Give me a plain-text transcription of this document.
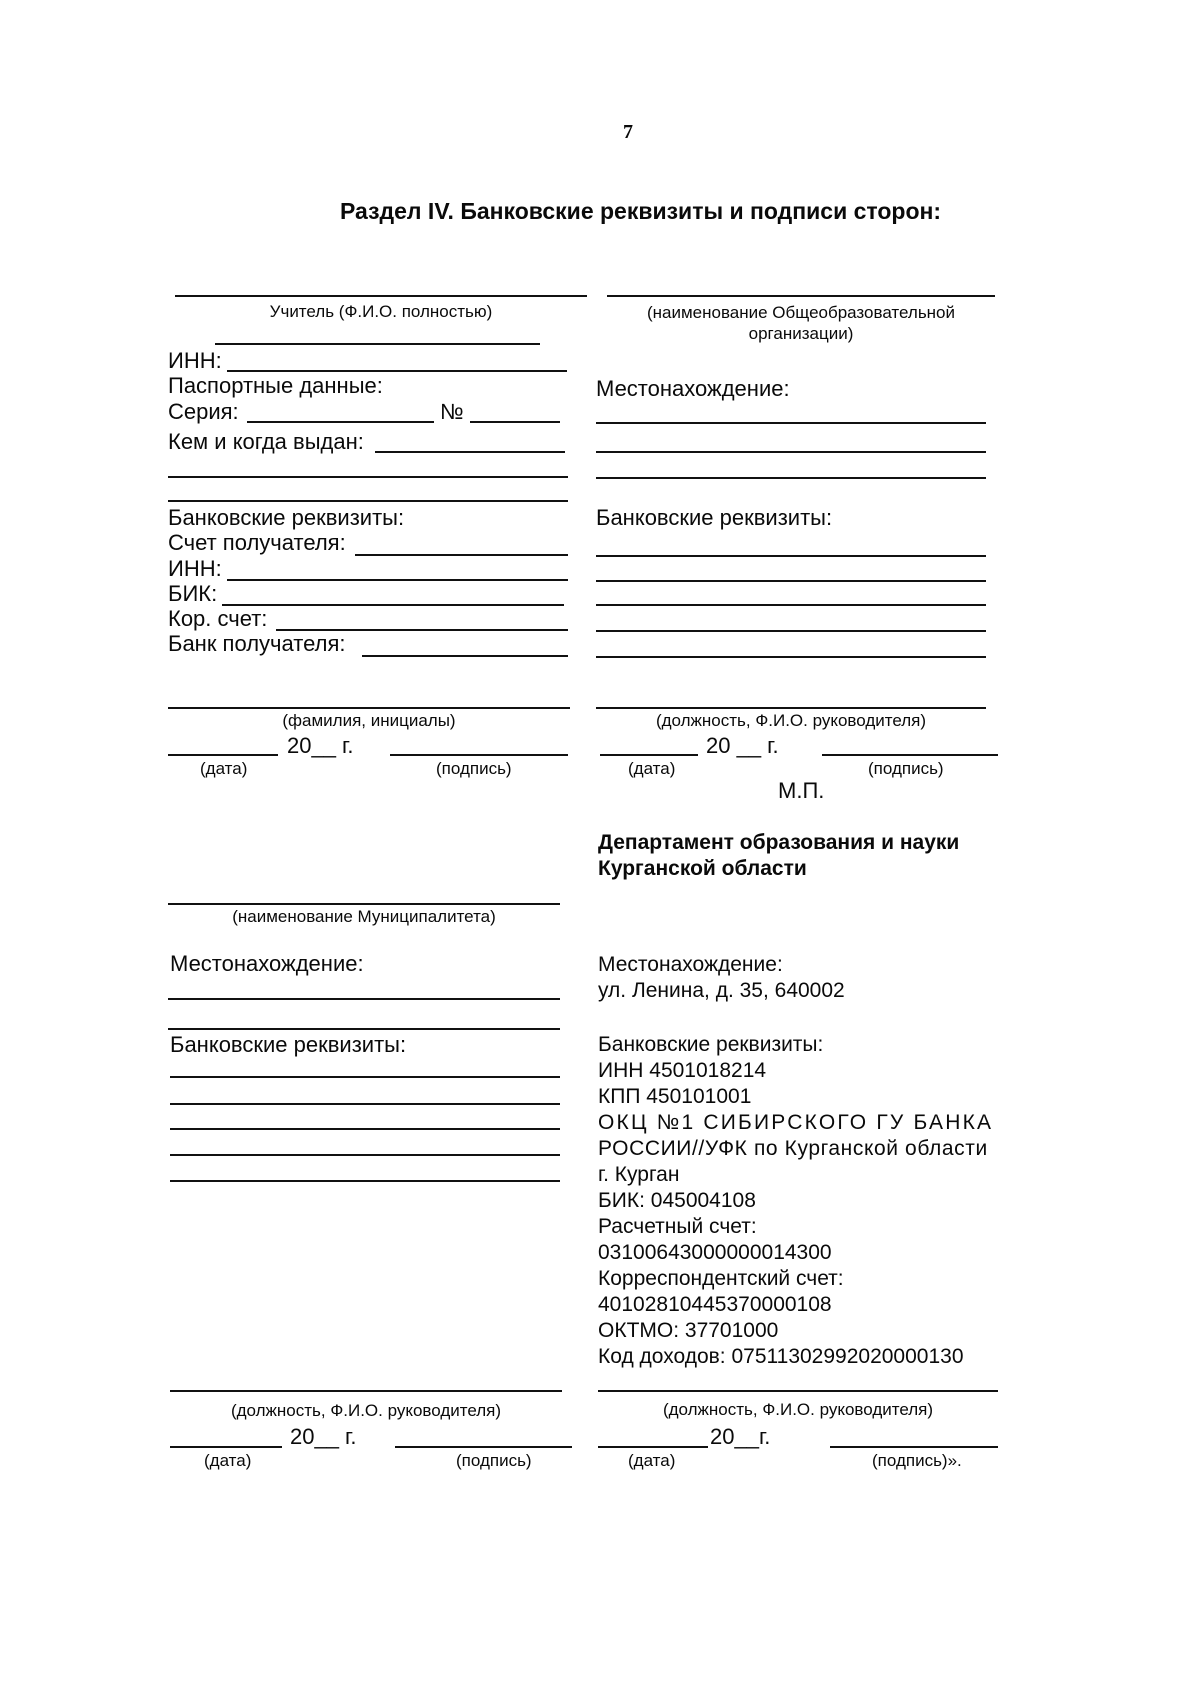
7
Раздел IV. Банковские реквизиты и подписи сторон:
Учитель (Ф.И.О. полностью)
ИНН:
Паспортные данные:
Серия:	№
Кем и когда выдан:
Банковские реквизиты:
Счет получателя:
ИНН:
БИК:
Кор. счет:
Банк получателя:
(фамилия, инициалы)
20__ г.
(дата)	(подпись)
(наименование Общеобразовательной
организации)
Местонахождение:
Банковские реквизиты:
(должность, Ф.И.О. руководителя)
20 __ г.
(дата)	(подпись)
М.П.
(наименование Муниципалитета)
Местонахождение:
Банковские реквизиты:
(должность, Ф.И.О. руководителя)
20__ г.
(дата)	(подпись)
Департамент образования и науки
Курганской области
Местонахождение:
ул. Ленина, д. 35, 640002
Банковские реквизиты:
ИНН 4501018214
КПП 450101001
ОКЦ №1 СИБИРСКОГО ГУ БАНКА
РОССИИ//УФК по Курганской области
г. Курган
БИК: 045004108
Расчетный счет:
03100643000000014300
Корреспондентский счет:
40102810445370000108
ОКТМО: 37701000
Код доходов: 07511302992020000130
(должность, Ф.И.О. руководителя)
20__г.
(дата)	(подпись)».
